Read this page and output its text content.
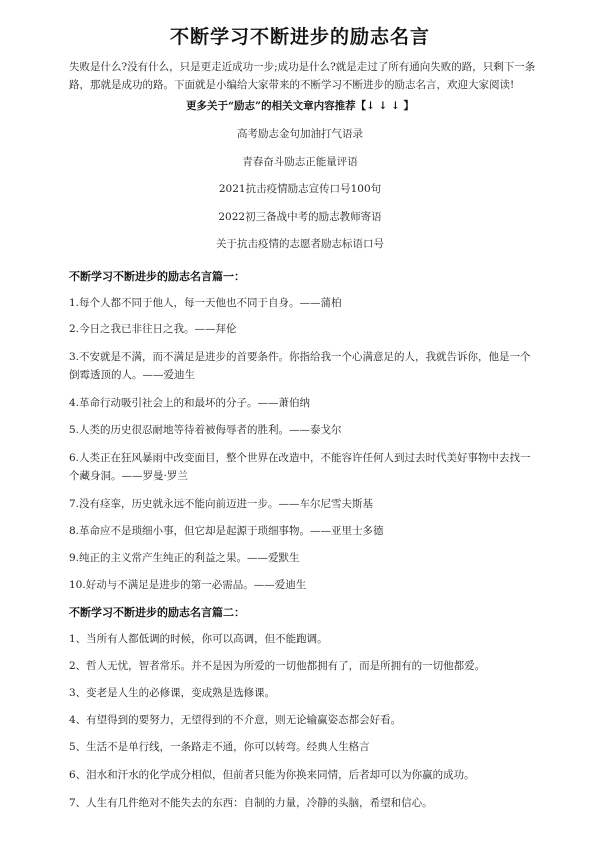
不断学习不断进步的励志名言
失败是什么?没有什么，只是更走近成功一步;成功是什么?就是走过了所有通向失败的路，只剩下一条
路，那就是成功的路。下面就是小编给大家带来的不断学习不断进步的励志名言，欢迎大家阅读!
更多关于“励志”的相关文章内容推荐【↓ ↓ ↓ 】
高考励志金句加油打气语录
青春奋斗励志正能量评语
2021抗击疫情励志宣传口号100句
2022初三备战中考的励志教师寄语
关于抗击疫情的志愿者励志标语口号
不断学习不断进步的励志名言篇一：

1.每个人都不同于他人，每一天他也不同于自身。——蒲柏

2.今日之我已非往日之我。——拜伦

3.不安就是不满，而不满足是进步的首要条件。你指给我一个心满意足的人，我就告诉你，他是一个倒霉透顶的人。——爱迪生

4.革命行动吸引社会上的和最坏的分子。——萧伯纳

5.人类的历史很忍耐地等待着被侮辱者的胜利。——泰戈尔

6.人类正在狂风暴雨中改变面目，整个世界在改造中，不能容许任何人到过去时代美好事物中去找一个藏身洞。——罗曼·罗兰

7.没有痉挛，历史就永远不能向前迈进一步。——车尔尼雪夫斯基

8.革命应不是琐细小事，但它却是起源于琐细事物。——亚里士多德

9.纯正的主义常产生纯正的利益之果。——爱默生

10.好动与不满足是进步的第一必需品。——爱迪生

不断学习不断进步的励志名言篇二：

1、当所有人都低调的时候，你可以高调，但不能跑调。

2、哲人无忧，智者常乐。并不是因为所爱的一切他都拥有了，而是所拥有的一切他都爱。

3、变老是人生的必修课，变成熟是选修课。

4、有望得到的要努力，无望得到的不介意，则无论输赢姿态都会好看。

5、生活不是单行线，一条路走不通，你可以转弯。经典人生格言

6、泪水和汗水的化学成分相似，但前者只能为你换来同情，后者却可以为你赢的成功。

7、人生有几件绝对不能失去的东西：自制的力量，冷静的头脑，希望和信心。
